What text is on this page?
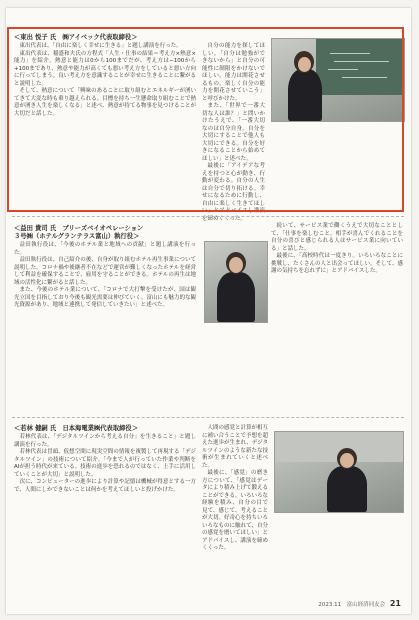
＜東出 悦子 氏　㈱アイベック代表取締役＞

東出代表は、「自由に楽しく幸せに生きる」と題し講演を行った。

東出代表は、稲盛和夫氏の方程式「人生・仕事の結果＝考え方×熱意×能力」を紹介。熱意と能力は0から100までだが、考え方は−100から+100まであり、熱意や能力が高くても悪い考え方をしていると悪い方向に行ってしまう。良い考え方を意識することが幸せに生きることに繋がると説明した。

そして、熱意について「興味のあることに取り組むとエネルギーが湧いてきて大変な時も乗り越えられる。目標を持ち一生懸命取り組むことで熱意が湧き人生を楽しくなる」と述べ、熱意が持てる物事を見つけることが大切だと話した。

自分の能力を探してほしい。「自分は勉強ができないから」と自分の可能性に制限をかけないでほしい。能力は開花させるもの。楽しく自分の能力を開花させていこう」と呼びかけた。

また、「世界で一番大切な人は誰？」と問いかけたうえで、「一番大切なのは自分自身。自分を大切にすることで他人も大切にできる。自分を好きになることから始めてほしい」と述べた。

最後に「アイデアな考えを持つと心が動き、行動が変わる。自分の人生は自分で切り拓ける。幸せになるために行動し、自由に楽しく生きてほしい」とアドバイスし講演を締めくくった。

＜益田 貴司 氏　ブリーズベイオペレーション
３号㈱（ホテルグランテラス富山）執行役＞

益田執行役は、「今後のホテル業と地域への貢献」と題し講演を行った。

益田執行役は、自己紹介の後、自身が取り組むホテル再生事業について説明した。コロナ禍や後継者不在などで運営が難しくなったホテルを経営して利益を確保することで、雇用を守ることができる。ホテルの再生は地域の活性化に繋がると話した。

また、今後のホテル業について、「コロナで大打撃を受けたが、国は観光立国を目指しており今後も観光需要は伸びていく。富山にも魅力的な観光資源があり、地域と連携して発信していきたい」と述べた。

続いて、サービス業で働くうえで大切なこととして、「仕事を楽しむこと。相手が喜んでくれることを自分の喜びと感じられる人はサービス業に向いている」と話した。

最後に、「高校時代は一度きり。いろいろなことに挑戦し、たくさんの人と出会ってほしい。そして、感謝の気持ちを忘れずに」とアドバイスした。

＜若林 健嗣 氏　日本海電業㈱代表取締役＞

若林代表は、「デジタルツインから考える自分」を生きること」と題し講演を行った。

若林代表は冒頭、仮想空間に現実空間の情報を複製して再現する「デジタルツイン」の技術について紹介。「今まで人が行っていた作業や判断をAIが担う時代が来ている。技術の進歩を恐れるのではなく、上手に活用していくことが大切」と説明した。

次に、コンピューターの進歩により計算や記憶は機械が得意とする一方で、人間にしかできないことは何かを考えてほしいと投げかけた。

人間の感覚と計算が相互に補い合うことで予想を超えた進歩が生まれ、デジタルツインのような新たな技術が生まれていくと述べた。

最後に、「感覚」の磨き方について、「感覚はデータにより積み上げて鍛えることができる。いろいろな経験を積み、自分の目で見て、感じて、考えることが大切。好奇心を持ちいろいろなものに触れて、自分の感覚を磨いてほしい」とアドバイスし、講演を締めくくった。

2023.11　富山経済同友会 21
